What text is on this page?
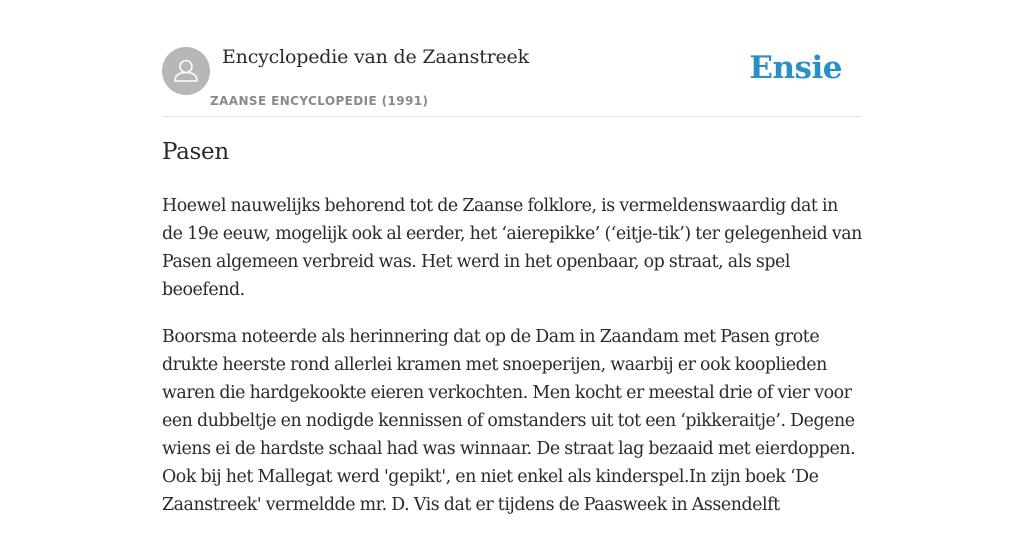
Encyclopedie van de Zaanstreek
ZAANSE ENCYCLOPEDIE (1991)
Ensie
Pasen

Hoewel nauwelijks behorend tot de Zaanse folklore, is vermeldenswaardig dat in de 19e eeuw, mogelijk ook al eerder, het ‘aierepikke’ (‘eitje-tik’) ter gelegenheid van Pasen algemeen verbreid was. Het werd in het openbaar, op straat, als spel beoefend.

Boorsma noteerde als herinnering dat op de Dam in Zaandam met Pasen grote drukte heerste rond allerlei kramen met snoeperijen, waarbij er ook kooplieden waren die hardgekookte eieren verkochten. Men kocht er meestal drie of vier voor een dubbeltje en nodigde kennissen of omstanders uit tot een ‘pikkeraitje’. Degene wiens ei de hardste schaal had was winnaar. De straat lag bezaaid met eierdoppen. Ook bij het Mallegat werd 'gepikt', en niet enkel als kinderspel.In zijn boek ‘De Zaanstreek' vermeldde mr. D. Vis dat er tijdens de Paasweek in Assendelft
